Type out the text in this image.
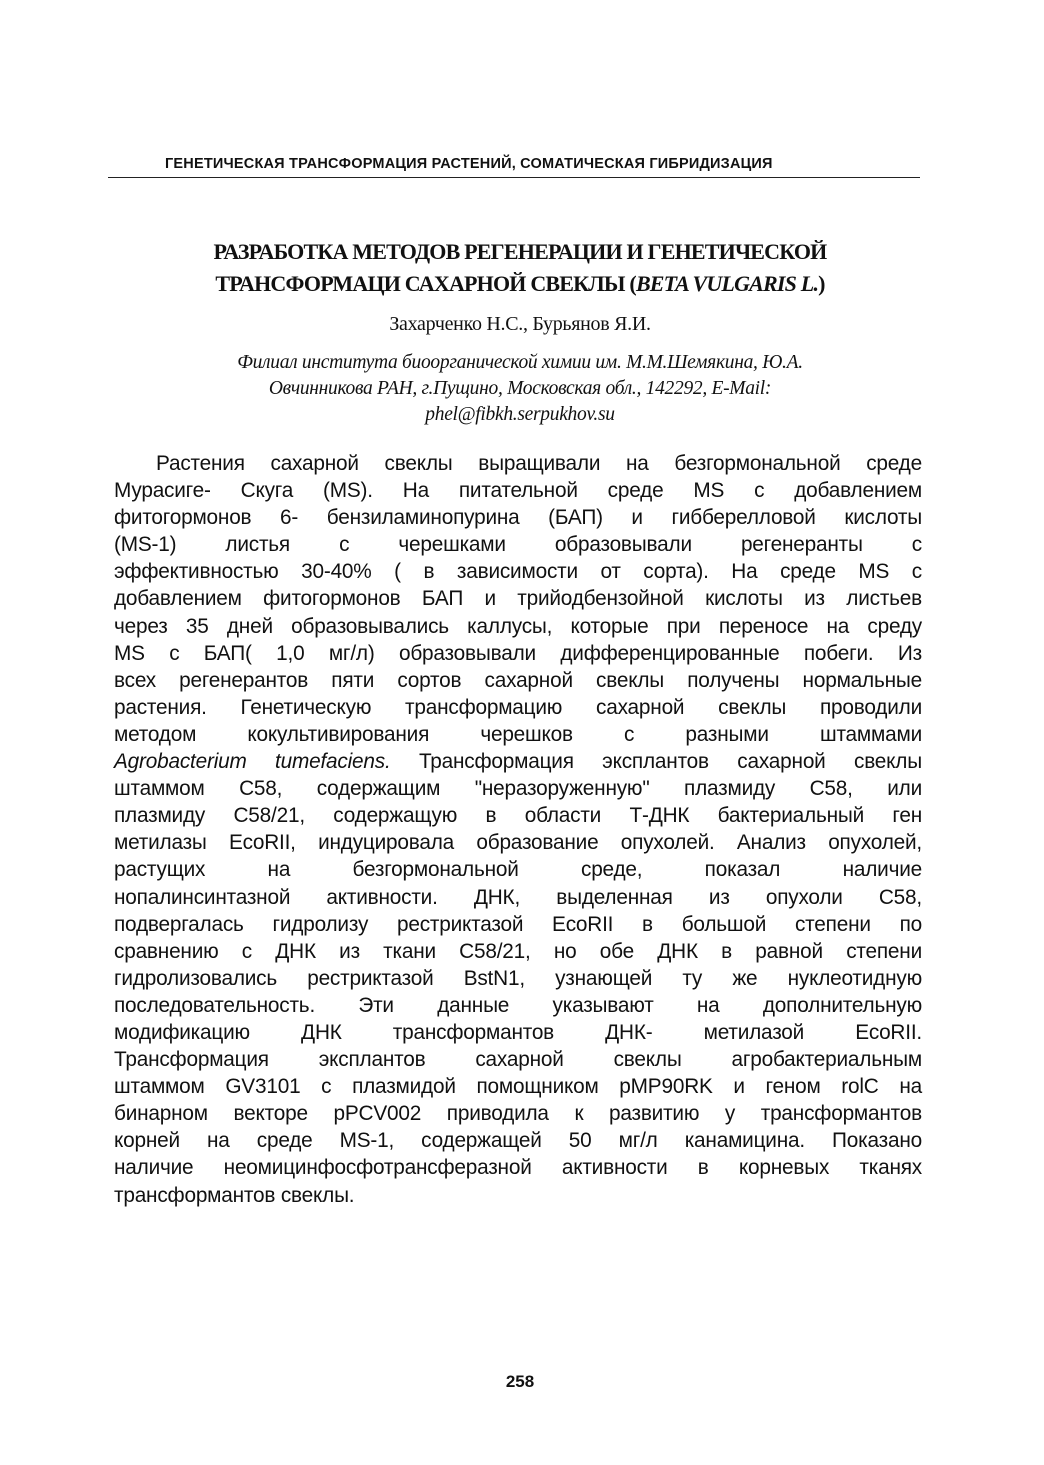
ГЕНЕТИЧЕСКАЯ ТРАНСФОРМАЦИЯ РАСТЕНИЙ, СОМАТИЧЕСКАЯ ГИБРИДИЗАЦИЯ
РАЗРАБОТКА МЕТОДОВ РЕГЕНЕРАЦИИ И ГЕНЕТИЧЕСКОЙ
ТРАНСФОРМАЦИ САХАРНОЙ СВЕКЛЫ (BETA VULGARIS L.)
Захарченко Н.С., Бурьянов Я.И.
Филиал института биоорганической химии им. М.М.Шемякина, Ю.А.
Овчинникова РАН, г.Пущино, Московская обл., 142292, E-Mail:
phel@fibkh.serpukhov.su
Растения сахарной свеклы выращивали на безгормональной среде
Мурасиге- Скуга (MS). На питательной среде MS с добавлением
фитогормонов 6- бензиламинопурина (БАП) и гибберелловой кислоты
(MS-1) листья с черешками образовывали регенеранты с
эффективностью 30-40% ( в зависимости от сорта). На среде MS с
добавлением фитогормонов БАП и трийодбензойной кислоты из листьев
через 35 дней образовывались каллусы, которые при переносе на среду
MS с БАП( 1,0 мг/л) образовывали дифференцированные побеги. Из
всех регенерантов пяти сортов сахарной свеклы получены нормальные
растения. Генетическую трансформацию сахарной свеклы проводили
методом кокультивирования черешков с разными штаммами
Agrobacterium tumefaciens. Трансформация эксплантов сахарной свеклы
штаммом C58, содержащим "неразоруженную" плазмиду C58, или
плазмиду C58/21, содержащую в области Т-ДНК бактериальный ген
метилазы EcoRII, индуцировала образование опухолей. Анализ опухолей,
растущих на безгормональной среде, показал наличие
нопалинсинтазной активности. ДНК, выделенная из опухоли C58,
подвергалась гидролизу рестриктазой EcoRII в большой степени по
сравнению с ДНК из ткани C58/21, но обе ДНК в равной степени
гидролизовались рестриктазой BstN1, узнающей ту же нуклеотидную
последовательность. Эти данные указывают на дополнительную
модификацию ДНК трансформантов ДНК- метилазой EcoRII.
Трансформация эксплантов сахарной свеклы агробактериальным
штаммом GV3101 с плазмидой помощником pMP90RK и геном rolC на
бинарном векторе pPCV002 приводила к развитию у трансформантов
корней на среде MS-1, содержащей 50 мг/л канамицина. Показано
наличие неомицинфосфотрансферазной активности в корневых тканях
трансформантов свеклы.
258
